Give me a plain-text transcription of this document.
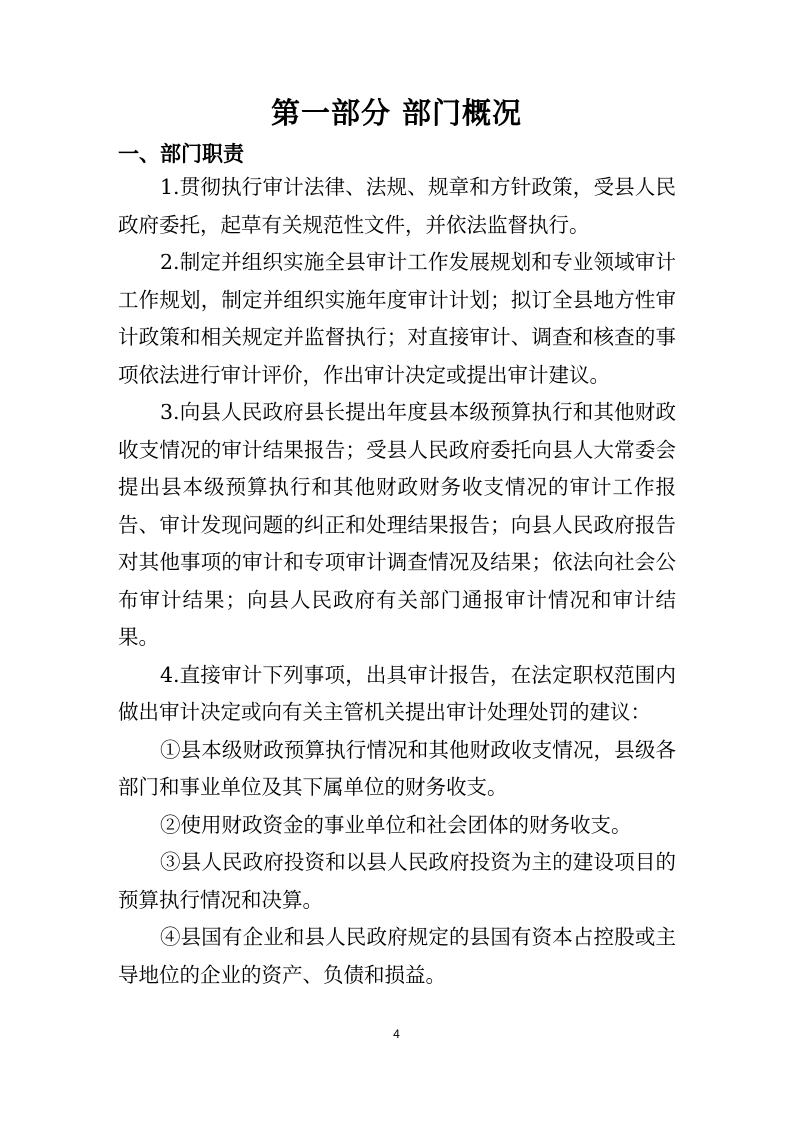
第一部分 部门概况
一、部门职责

1.贯彻执行审计法律、法规、规章和方针政策，受县人民政府委托，起草有关规范性文件，并依法监督执行。

2.制定并组织实施全县审计工作发展规划和专业领域审计工作规划，制定并组织实施年度审计计划；拟订全县地方性审计政策和相关规定并监督执行；对直接审计、调查和核查的事项依法进行审计评价，作出审计决定或提出审计建议。

3.向县人民政府县长提出年度县本级预算执行和其他财政收支情况的审计结果报告；受县人民政府委托向县人大常委会提出县本级预算执行和其他财政财务收支情况的审计工作报告、审计发现问题的纠正和处理结果报告；向县人民政府报告对其他事项的审计和专项审计调查情况及结果；依法向社会公布审计结果；向县人民政府有关部门通报审计情况和审计结果。

4.直接审计下列事项，出具审计报告，在法定职权范围内做出审计决定或向有关主管机关提出审计处理处罚的建议：

①县本级财政预算执行情况和其他财政收支情况，县级各部门和事业单位及其下属单位的财务收支。

②使用财政资金的事业单位和社会团体的财务收支。

③县人民政府投资和以县人民政府投资为主的建设项目的预算执行情况和决算。

④县国有企业和县人民政府规定的县国有资本占控股或主导地位的企业的资产、负债和损益。

4
